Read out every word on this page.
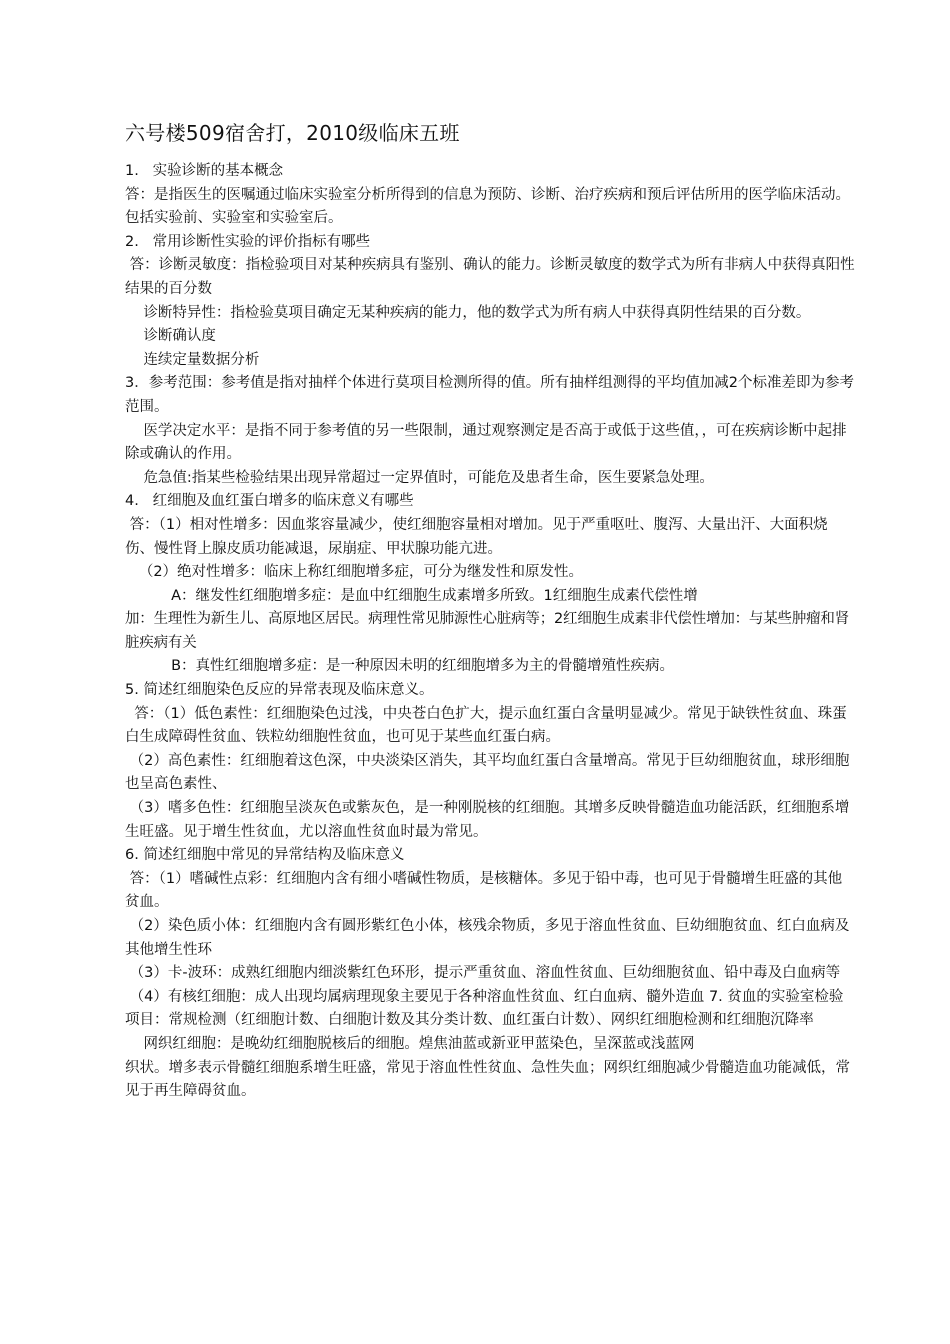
六号楼509宿舍打，2010级临床五班

1.   实验诊断的基本概念

答：是指医生的医嘱通过临床实验室分析所得到的信息为预防、诊断、治疗疾病和预后评估所用的医学临床活动。包括实验前、实验室和实验室后。

2.   常用诊断性实验的评价指标有哪些

答：诊断灵敏度：指检验项目对某种疾病具有鉴别、确认的能力。诊断灵敏度的数学式为所有非病人中获得真阳性结果的百分数

诊断特异性：指检验莫项目确定无某种疾病的能力，他的数学式为所有病人中获得真阴性结果的百分数。

诊断确认度

连续定量数据分析

3．参考范围：参考值是指对抽样个体进行莫项目检测所得的值。所有抽样组测得的平均值加减2个标准差即为参考范围。

医学决定水平：是指不同于参考值的另一些限制，通过观察测定是否高于或低于这些值，，可在疾病诊断中起排除或确认的作用。

危急值:指某些检验结果出现异常超过一定界值时，可能危及患者生命，医生要紧急处理。

4.   红细胞及血红蛋白增多的临床意义有哪些

答：（1）相对性增多：因血浆容量减少，使红细胞容量相对增加。见于严重呕吐、腹泻、大量出汗、大面积烧伤、慢性肾上腺皮质功能减退，尿崩症、甲状腺功能亢进。

（2）绝对性增多：临床上称红细胞增多症，可分为继发性和原发性。

A：继发性红细胞增多症：是血中红细胞生成素增多所致。1红细胞生成素代偿性增

加：生理性为新生儿、高原地区居民。病理性常见肺源性心脏病等；2红细胞生成素非代偿性增加：与某些肿瘤和肾脏疾病有关

B：真性红细胞增多症：是一种原因未明的红细胞增多为主的骨髓增殖性疾病。

5. 简述红细胞染色反应的异常表现及临床意义。

答：（1）低色素性：红细胞染色过浅，中央苍白色扩大，提示血红蛋白含量明显减少。常见于缺铁性贫血、珠蛋白生成障碍性贫血、铁粒幼细胞性贫血，也可见于某些血红蛋白病。

（2）高色素性：红细胞着这色深，中央淡染区消失，其平均血红蛋白含量增高。常见于巨幼细胞贫血，球形细胞也呈高色素性、

（3）嗜多色性：红细胞呈淡灰色或紫灰色，是一种刚脱核的红细胞。其增多反映骨髓造血功能活跃，红细胞系增生旺盛。见于增生性贫血，尤以溶血性贫血时最为常见。

6. 简述红细胞中常见的异常结构及临床意义

答：（1）嗜碱性点彩：红细胞内含有细小嗜碱性物质，是核糖体。多见于铅中毒，也可见于骨髓增生旺盛的其他贫血。

（2）染色质小体：红细胞内含有圆形紫红色小体，核残余物质，多见于溶血性贫血、巨幼细胞贫血、红白血病及其他增生性环

（3）卡-波环：成熟红细胞内细淡紫红色环形，提示严重贫血、溶血性贫血、巨幼细胞贫血、铅中毒及白血病等

（4）有核红细胞：成人出现均属病理现象主要见于各种溶血性贫血、红白血病、髓外造血 7. 贫血的实验室检验项目：常规检测（红细胞计数、白细胞计数及其分类计数、血红蛋白计数）、网织红细胞检测和红细胞沉降率

网织红细胞：是晚幼红细胞脱核后的细胞。煌焦油蓝或新亚甲蓝染色，呈深蓝或浅蓝网

织状。增多表示骨髓红细胞系增生旺盛，常见于溶血性性贫血、急性失血；网织红细胞减少骨髓造血功能减低，常见于再生障碍贫血。
